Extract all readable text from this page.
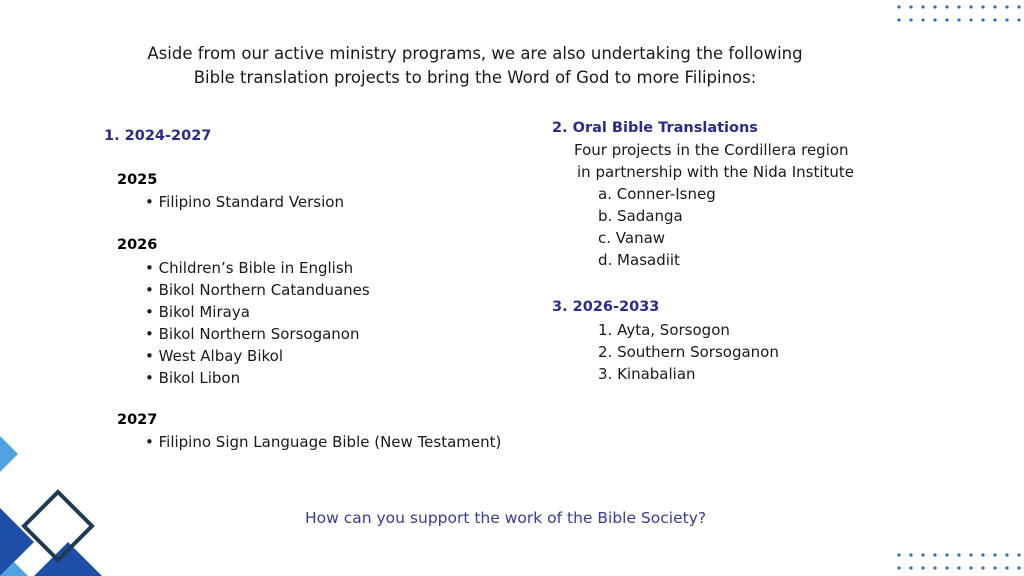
Aside from our active ministry programs, we are also undertaking the following
Bible translation projects to bring the Word of God to more Filipinos:
1. 2024-2027
2025
• Filipino Standard Version
2026
• Children’s Bible in English
• Bikol Northern Catanduanes
• Bikol Miraya
• Bikol Northern Sorsoganon
• West Albay Bikol
• Bikol Libon
2027
• Filipino Sign Language Bible (New Testament)
2. Oral Bible Translations
Four projects in the Cordillera region
in partnership with the Nida Institute
a. Conner-Isneg
b. Sadanga
c. Vanaw
d. Masadiit
3. 2026-2033
1. Ayta, Sorsogon
2. Southern Sorsoganon
3. Kinabalian
How can you support the work of the Bible Society?
